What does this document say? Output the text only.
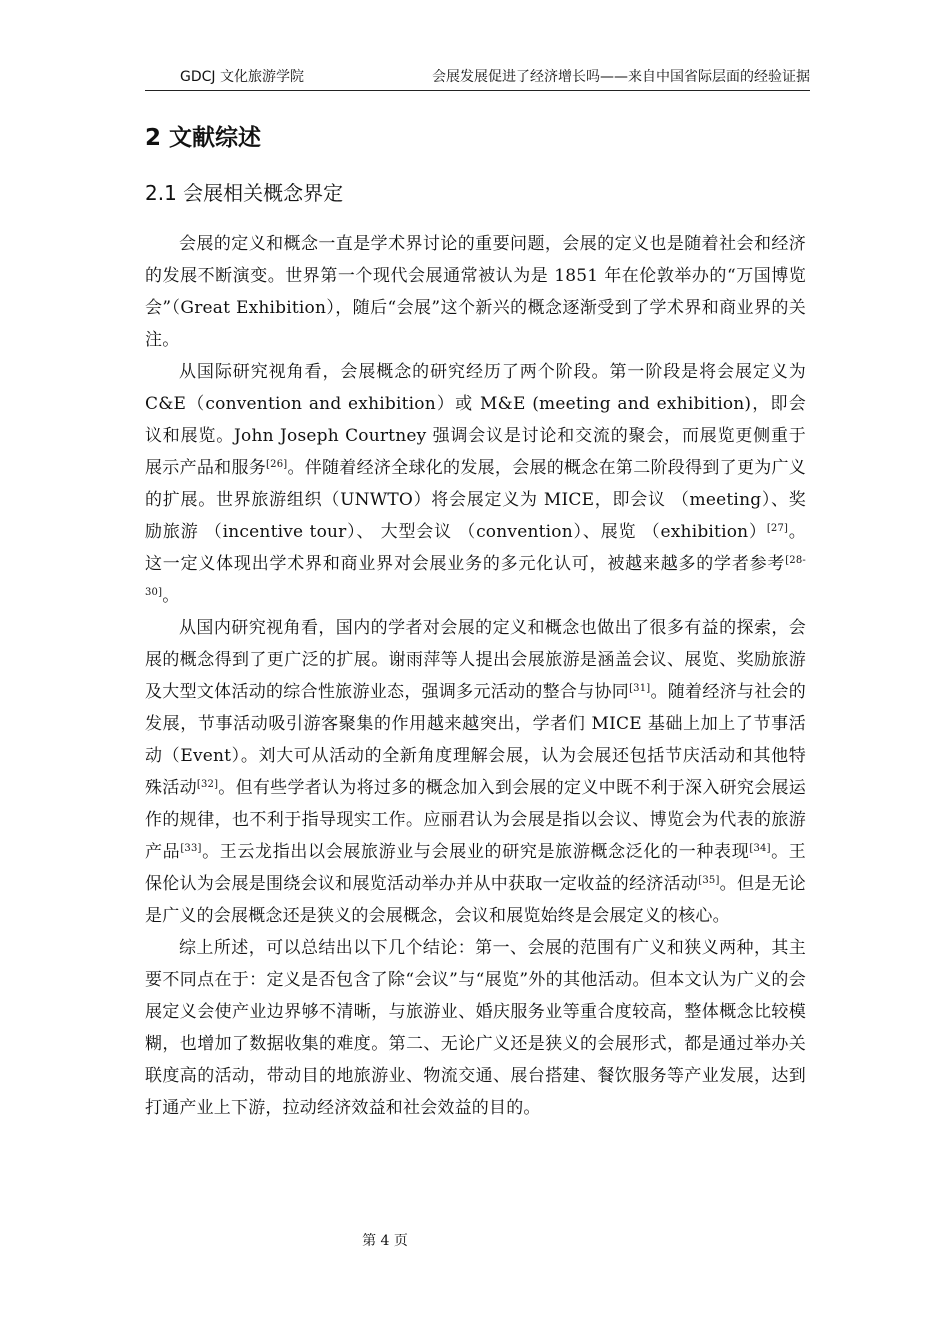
GDCJ 文化旅游学院	会展发展促进了经济增长吗——来自中国省际层面的经验证据
2 文献综述
2.1 会展相关概念界定

会展的定义和概念一直是学术界讨论的重要问题，会展的定义也是随着社会和经济的发展不断演变。世界第一个现代会展通常被认为是 1851 年在伦敦举办的“万国博览会”（Great Exhibition），随后“会展”这个新兴的概念逐渐受到了学术界和商业界的关注。

从国际研究视角看，会展概念的研究经历了两个阶段。第一阶段是将会展定义为 C&E（convention and exhibition）或 M&E (meeting and exhibition)，即会议和展览。John Joseph Courtney 强调会议是讨论和交流的聚会，而展览更侧重于展示产品和服务[26]。伴随着经济全球化的发展，会展的概念在第二阶段得到了更为广义的扩展。世界旅游组织（UNWTO）将会展定义为 MICE，即会议 （meeting）、奖励旅游 （incentive tour）、 大型会议 （convention）、展览 （exhibition）[27]。这一定义体现出学术界和商业界对会展业务的多元化认可，被越来越多的学者参考[28-30]。

从国内研究视角看，国内的学者对会展的定义和概念也做出了很多有益的探索，会展的概念得到了更广泛的扩展。谢雨萍等人提出会展旅游是涵盖会议、展览、奖励旅游及大型文体活动的综合性旅游业态，强调多元活动的整合与协同[31]。随着经济与社会的发展，节事活动吸引游客聚集的作用越来越突出，学者们 MICE 基础上加上了节事活动（Event）。刘大可从活动的全新角度理解会展，认为会展还包括节庆活动和其他特殊活动[32]。但有些学者认为将过多的概念加入到会展的定义中既不利于深入研究会展运作的规律，也不利于指导现实工作。应丽君认为会展是指以会议、博览会为代表的旅游产品[33]。王云龙指出以会展旅游业与会展业的研究是旅游概念泛化的一种表现[34]。王保伦认为会展是围绕会议和展览活动举办并从中获取一定收益的经济活动[35]。但是无论是广义的会展概念还是狭义的会展概念，会议和展览始终是会展定义的核心。

综上所述，可以总结出以下几个结论：第一、会展的范围有广义和狭义两种，其主要不同点在于：定义是否包含了除“会议”与“展览”外的其他活动。但本文认为广义的会展定义会使产业边界够不清晰，与旅游业、婚庆服务业等重合度较高，整体概念比较模糊，也增加了数据收集的难度。第二、无论广义还是狭义的会展形式，都是通过举办关联度高的活动，带动目的地旅游业、物流交通、展台搭建、餐饮服务等产业发展，达到打通产业上下游，拉动经济效益和社会效益的目的。

第 4 页
